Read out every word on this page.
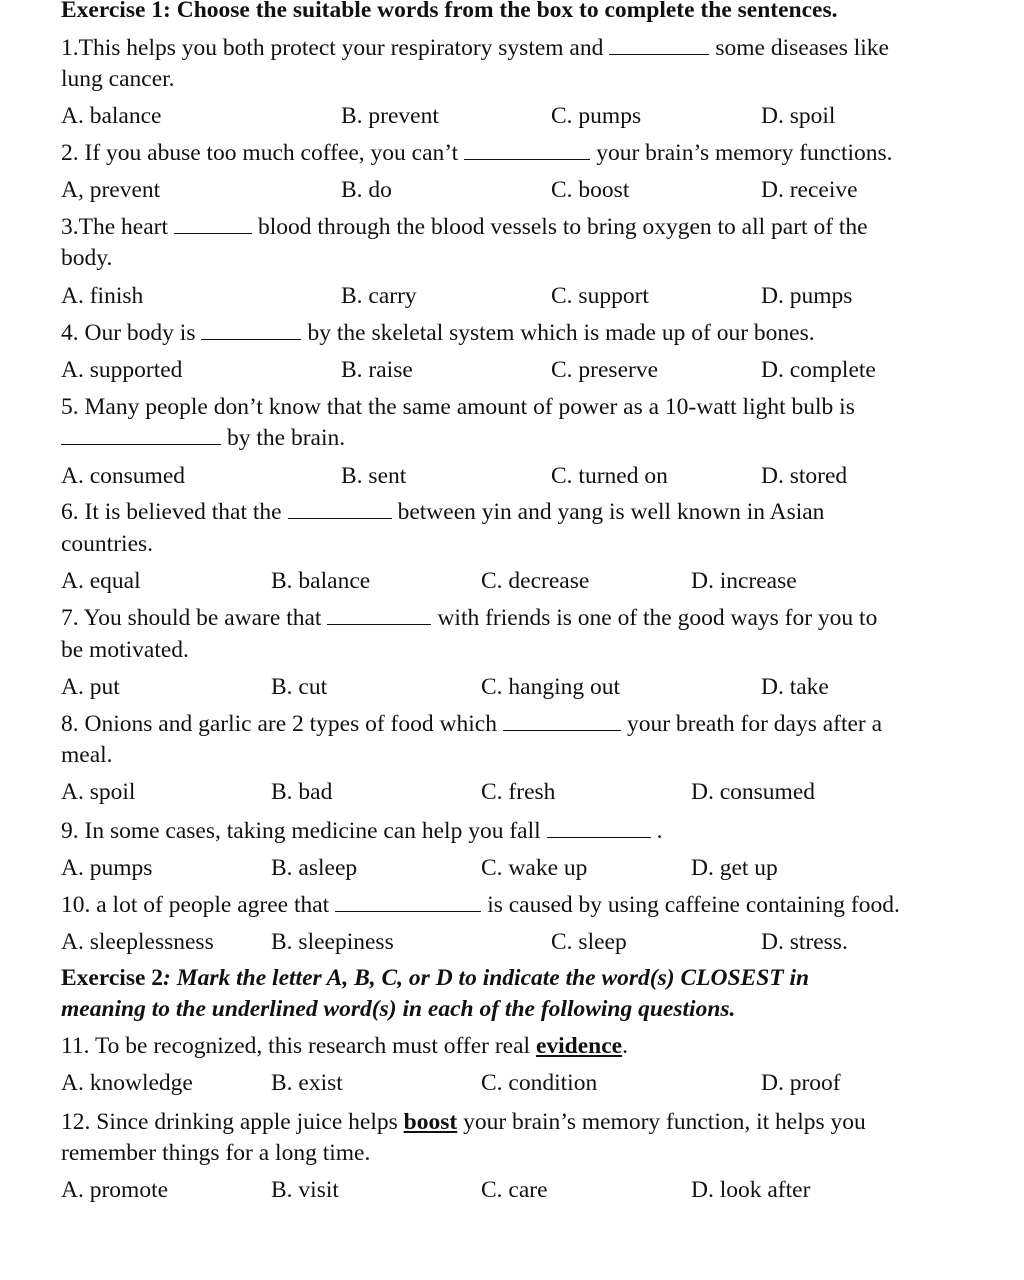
Exercise 1: Choose the suitable words from the box to complete the sentences.
1.This helps you both protect your respiratory system and	some diseases like
lung cancer.
A. balance	B. prevent	C. pumps	D. spoil
2. If you abuse too much coffee, you can’t	your brain’s memory functions.
A, prevent	B. do	C. boost	D. receive
3.The heart	blood through the blood vessels to bring oxygen to all part of the
body.
A. finish	B. carry	C. support	D. pumps
4. Our body is	by the skeletal system which is made up of our bones.
A. supported	B. raise	C. preserve	D. complete
5. Many people don’t know that the same amount of power as a 10-watt light bulb is
by the brain.
A. consumed	B. sent	C. turned on	D. stored
6. It is believed that the	between yin and yang is well known in Asian
countries.
A. equal	B. balance	C. decrease	D. increase
7. You should be aware that	with friends is one of the good ways for you to
be motivated.
A. put	B. cut	C. hanging out	D. take
8. Onions and garlic are 2 types of food which	your breath for days after a
meal.
A. spoil	B. bad	C. fresh	D. consumed
9. In some cases, taking medicine can help you fall	.
A. pumps	B. asleep	C. wake up	D. get up
10. a lot of people agree that	is caused by using caffeine containing food.
A. sleeplessness B. sleepiness	C. sleep	D. stress.
Exercise 2: Mark the letter A, B, C, or D to indicate the word(s) CLOSEST in
meaning to the underlined word(s) in each of the following questions.
11. To be recognized, this research must offer real evidence.
A. knowledge	B. exist	C. condition	D. proof
12. Since drinking apple juice helps boost your brain’s memory function, it helps you
remember things for a long time.
A. promote	B. visit	C. care	D. look after
